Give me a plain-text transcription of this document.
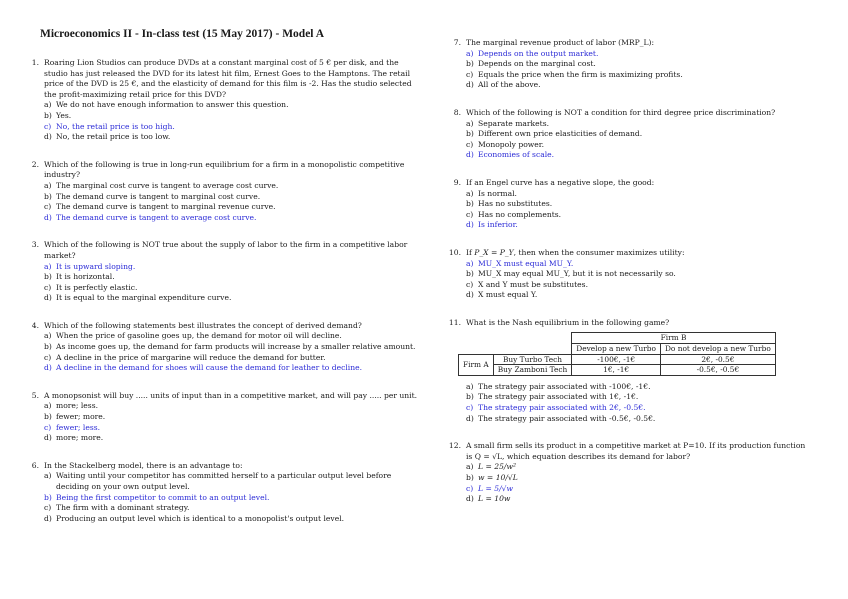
Microeconomics II - In-class test (15 May 2017) - Model A
1. Roaring Lion Studios can produce DVDs at a constant marginal cost of 5 € per disk, and the studio has just released the DVD for its latest hit film, Ernest Goes to the Hamptons. The retail price of the DVD is 25 €, and the elasticity of demand for this film is -2. Has the studio selected the profit-maximizing retail price for this DVD?
a) We do not have enough information to answer this question.
b) Yes.
c) No, the retail price is too high.
d) No, the retail price is too low.
2. Which of the following is true in long-run equilibrium for a firm in a monopolistic competitive industry?
a) The marginal cost curve is tangent to average cost curve.
b) The demand curve is tangent to marginal cost curve.
c) The demand curve is tangent to marginal revenue curve.
d) The demand curve is tangent to average cost curve.
3. Which of the following is NOT true about the supply of labor to the firm in a competitive labor market?
a) It is upward sloping.
b) It is horizontal.
c) It is perfectly elastic.
d) It is equal to the marginal expenditure curve.
4. Which of the following statements best illustrates the concept of derived demand?
a) When the price of gasoline goes up, the demand for motor oil will decline.
b) As income goes up, the demand for farm products will increase by a smaller relative amount.
c) A decline in the price of margarine will reduce the demand for butter.
d) A decline in the demand for shoes will cause the demand for leather to decline.
5. A monopsonist will buy ..... units of input than in a competitive market, and will pay ..... per unit.
a) more; less.
b) fewer; more.
c) fewer; less.
d) more; more.
6. In the Stackelberg model, there is an advantage to:
a) Waiting until your competitor has committed herself to a particular output level before deciding on your own output level.
b) Being the first competitor to commit to an output level.
c) The firm with a dominant strategy.
d) Producing an output level which is identical to a monopolist's output level.
7. The marginal revenue product of labor (MRP_L):
a) Depends on the output market.
b) Depends on the marginal cost.
c) Equals the price when the firm is maximizing profits.
d) All of the above.
8. Which of the following is NOT a condition for third degree price discrimination?
a) Separate markets.
b) Different own price elasticities of demand.
c) Monopoly power.
d) Economies of scale.
9. If an Engel curve has a negative slope, the good:
a) Is normal.
b) Has no substitutes.
c) Has no complements.
d) Is inferior.
10. If P_X = P_Y, then when the consumer maximizes utility:
a) MU_X must equal MU_Y.
b) MU_X may equal MU_Y, but it is not necessarily so.
c) X and Y must be substitutes.
d) X must equal Y.
11. What is the Nash equilibrium in the following game?
		Firm B	
		Develop a new Turbo	Do not develop a new Turbo
Firm A	Buy Turbo Tech	-100€, -1€	2€, -0.5€
	Buy Zamboni Tech	1€, -1€	-0.5€, -0.5€
a) The strategy pair associated with -100€, -1€.
b) The strategy pair associated with 1€, -1€.
c) The strategy pair associated with 2€, -0.5€.
d) The strategy pair associated with -0.5€, -0.5€.
12. A small firm sells its product in a competitive market at P=10. If its production function
is Q = √L, which equation describes its demand for labor?
a) L = 25/w²
b) w = 10/√L
c) L = 5/√w
d) L = 10w
